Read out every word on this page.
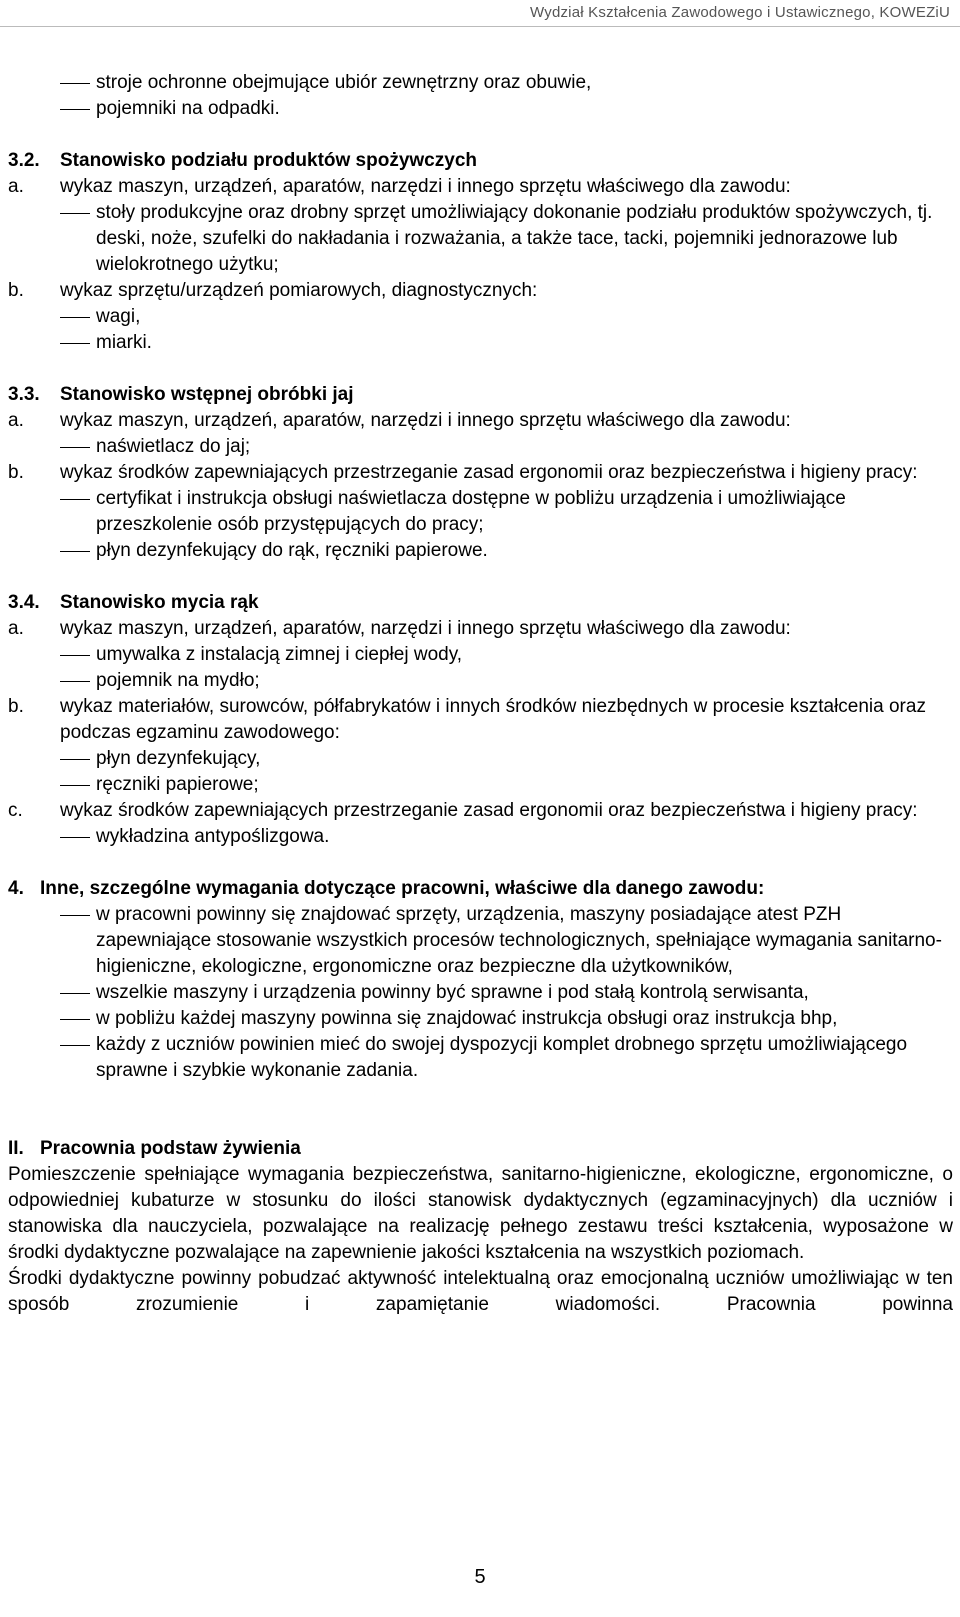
Wydział Kształcenia Zawodowego i Ustawicznego, KOWEZiU
stroje ochronne obejmujące ubiór zewnętrzny oraz obuwie,
pojemniki na odpadki.
3.2.	Stanowisko podziału produktów spożywczych
a.	wykaz maszyn, urządzeń, aparatów, narzędzi i innego sprzętu właściwego dla zawodu:
stoły produkcyjne oraz drobny sprzęt umożliwiający dokonanie podziału produktów spożywczych, tj. deski, noże, szufelki do nakładania i rozważania, a także tace, tacki, pojemniki jednorazowe lub wielokrotnego użytku;
b.	wykaz sprzętu/urządzeń pomiarowych, diagnostycznych:
wagi,
miarki.
3.3.	Stanowisko wstępnej obróbki jaj
a.	wykaz maszyn, urządzeń, aparatów, narzędzi i innego sprzętu właściwego dla zawodu:
naświetlacz do jaj;
b.	wykaz środków zapewniających przestrzeganie zasad ergonomii oraz bezpieczeństwa i higieny pracy:
certyfikat i instrukcja obsługi naświetlacza dostępne w pobliżu urządzenia i umożliwiające przeszkolenie osób przystępujących do pracy;
płyn dezynfekujący do rąk, ręczniki papierowe.
3.4.	Stanowisko mycia rąk
a.	wykaz maszyn, urządzeń, aparatów, narzędzi i innego sprzętu właściwego dla zawodu:
umywalka z instalacją zimnej i ciepłej wody,
pojemnik na mydło;
b.	wykaz materiałów, surowców, półfabrykatów i innych środków niezbędnych w procesie kształcenia oraz podczas egzaminu zawodowego:
płyn dezynfekujący,
ręczniki papierowe;
c.	wykaz środków zapewniających przestrzeganie zasad ergonomii oraz bezpieczeństwa i higieny pracy:
wykładzina antypoślizgowa.
4. Inne, szczególne wymagania dotyczące pracowni, właściwe dla danego zawodu:
w pracowni powinny się znajdować sprzęty, urządzenia, maszyny posiadające atest PZH zapewniające stosowanie wszystkich procesów technologicznych, spełniające wymagania sanitarno-higieniczne, ekologiczne, ergonomiczne oraz bezpieczne dla użytkowników,
wszelkie maszyny i urządzenia powinny być sprawne i pod stałą kontrolą serwisanta,
w pobliżu każdej maszyny powinna się znajdować instrukcja obsługi oraz instrukcja bhp,
każdy z uczniów powinien mieć do swojej dyspozycji komplet drobnego sprzętu umożliwiającego sprawne i szybkie wykonanie zadania.
II. Pracownia podstaw żywienia

Pomieszczenie spełniające wymagania bezpieczeństwa, sanitarno-higieniczne, ekologiczne, ergonomiczne, o odpowiedniej kubaturze w stosunku do ilości stanowisk dydaktycznych (egzaminacyjnych) dla uczniów i stanowiska dla nauczyciela, pozwalające na realizację pełnego zestawu treści kształcenia, wyposażone w środki dydaktyczne pozwalające na zapewnienie jakości kształcenia na wszystkich poziomach.

Środki dydaktyczne powinny pobudzać aktywność intelektualną oraz emocjonalną uczniów umożliwiając w ten sposób zrozumienie i zapamiętanie wiadomości. Pracownia powinna

5
